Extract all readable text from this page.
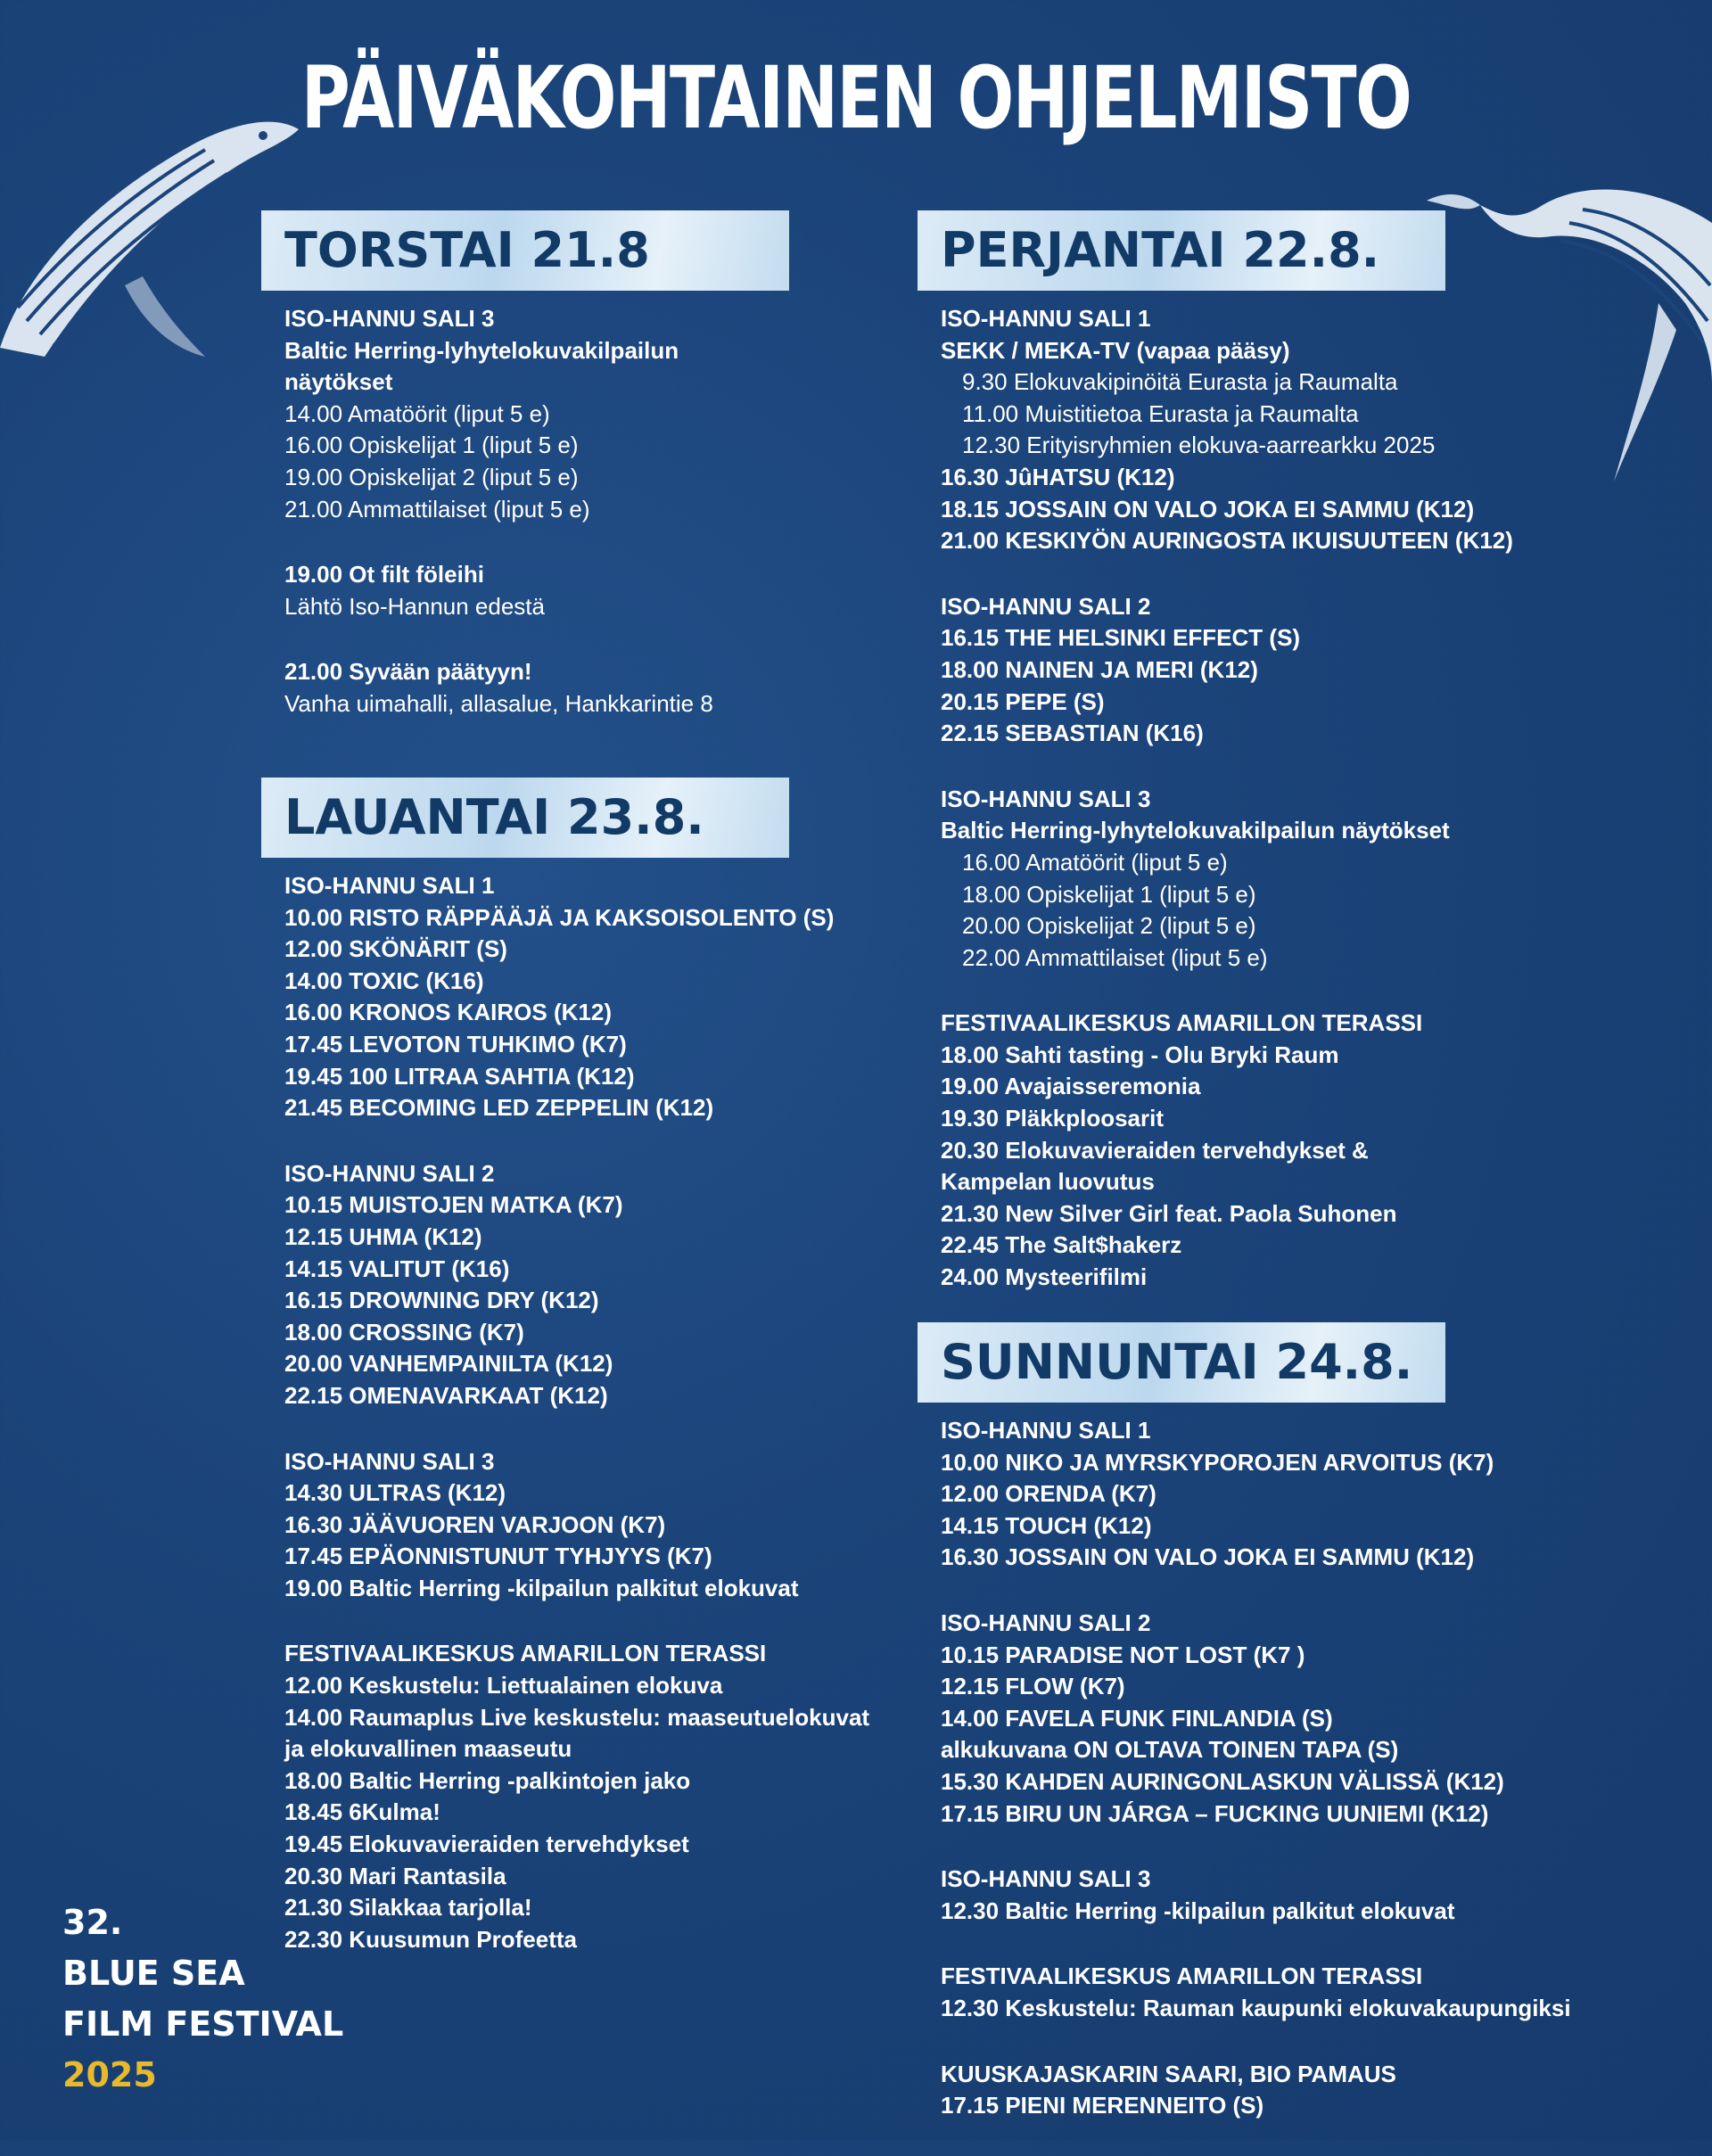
PÄIVÄKOHTAINEN OHJELMISTO
TORSTAI 21.8
ISO-HANNU SALI 3
Baltic Herring-lyhytelokuvakilpailun
näytökset
14.00 Amatöörit (liput 5 e)
16.00 Opiskelijat 1 (liput 5 e)
19.00 Opiskelijat 2 (liput 5 e)
21.00 Ammattilaiset (liput 5 e)
19.00 Ot filt föleihi
Lähtö Iso-Hannun edestä
21.00 Syvään päätyyn!
Vanha uimahalli, allasalue, Hankkarintie 8
LAUANTAI 23.8.
ISO-HANNU SALI 1
10.00 RISTO RÄPPÄÄJÄ JA KAKSOISOLENTO (S)
12.00 SKÖNÄRIT (S)
14.00 TOXIC (K16)
16.00 KRONOS KAIROS (K12)
17.45 LEVOTON TUHKIMO (K7)
19.45 100 LITRAA SAHTIA (K12)
21.45 BECOMING LED ZEPPELIN (K12)
ISO-HANNU SALI 2
10.15 MUISTOJEN MATKA (K7)
12.15 UHMA (K12)
14.15 VALITUT (K16)
16.15 DROWNING DRY (K12)
18.00 CROSSING (K7)
20.00 VANHEMPAINILTA (K12)
22.15 OMENAVARKAAT (K12)
ISO-HANNU SALI 3
14.30 ULTRAS (K12)
16.30 JÄÄVUOREN VARJOON (K7)
17.45 EPÄONNISTUNUT TYHJYYS (K7)
19.00 Baltic Herring -kilpailun palkitut elokuvat
FESTIVAALIKESKUS AMARILLON TERASSI
12.00 Keskustelu: Liettualainen elokuva
14.00 Raumaplus Live keskustelu: maaseutuelokuvat
ja elokuvallinen maaseutu
18.00 Baltic Herring -palkintojen jako
18.45 6Kulma!
19.45 Elokuvavieraiden tervehdykset
20.30 Mari Rantasila
21.30 Silakkaa tarjolla!
22.30 Kuusumun Profeetta
PERJANTAI 22.8.
ISO-HANNU SALI 1
SEKK / MEKA-TV (vapaa pääsy)
9.30 Elokuvakipinöitä Eurasta ja Raumalta
11.00 Muistitietoa Eurasta ja Raumalta
12.30 Erityisryhmien elokuva-aarrearkku 2025
16.30 JûHATSU (K12)
18.15 JOSSAIN ON VALO JOKA EI SAMMU (K12)
21.00 KESKIYÖN AURINGOSTA IKUISUUTEEN (K12)
ISO-HANNU SALI 2
16.15 THE HELSINKI EFFECT (S)
18.00 NAINEN JA MERI (K12)
20.15 PEPE (S)
22.15 SEBASTIAN (K16)
ISO-HANNU SALI 3
Baltic Herring-lyhytelokuvakilpailun näytökset
16.00 Amatöörit (liput 5 e)
18.00 Opiskelijat 1 (liput 5 e)
20.00 Opiskelijat 2 (liput 5 e)
22.00 Ammattilaiset (liput 5 e)
FESTIVAALIKESKUS AMARILLON TERASSI
18.00 Sahti tasting - Olu Bryki Raum
19.00 Avajaisseremonia
19.30 Pläkkploosarit
20.30 Elokuvavieraiden tervehdykset &
Kampelan luovutus
21.30 New Silver Girl feat. Paola Suhonen
22.45 The Salt$hakerz
24.00 Mysteerifilmi
SUNNUNTAI 24.8.
ISO-HANNU SALI 1
10.00 NIKO JA MYRSKYPOROJEN ARVOITUS (K7)
12.00 ORENDA (K7)
14.15 TOUCH (K12)
16.30 JOSSAIN ON VALO JOKA EI SAMMU (K12)
ISO-HANNU SALI 2
10.15 PARADISE NOT LOST (K7 )
12.15 FLOW (K7)
14.00 FAVELA FUNK FINLANDIA (S)
alkukuvana ON OLTAVA TOINEN TAPA (S)
15.30 KAHDEN AURINGONLASKUN VÄLISSÄ (K12)
17.15 BIRU UN JÁRGA – FUCKING UUNIEMI (K12)
ISO-HANNU SALI 3
12.30 Baltic Herring -kilpailun palkitut elokuvat
FESTIVAALIKESKUS AMARILLON TERASSI
12.30 Keskustelu: Rauman kaupunki elokuvakaupungiksi
KUUSKAJASKARIN SAARI, BIO PAMAUS
17.15 PIENI MERENNEITO (S)
32.
BLUE SEA
FILM FESTIVAL
2025
